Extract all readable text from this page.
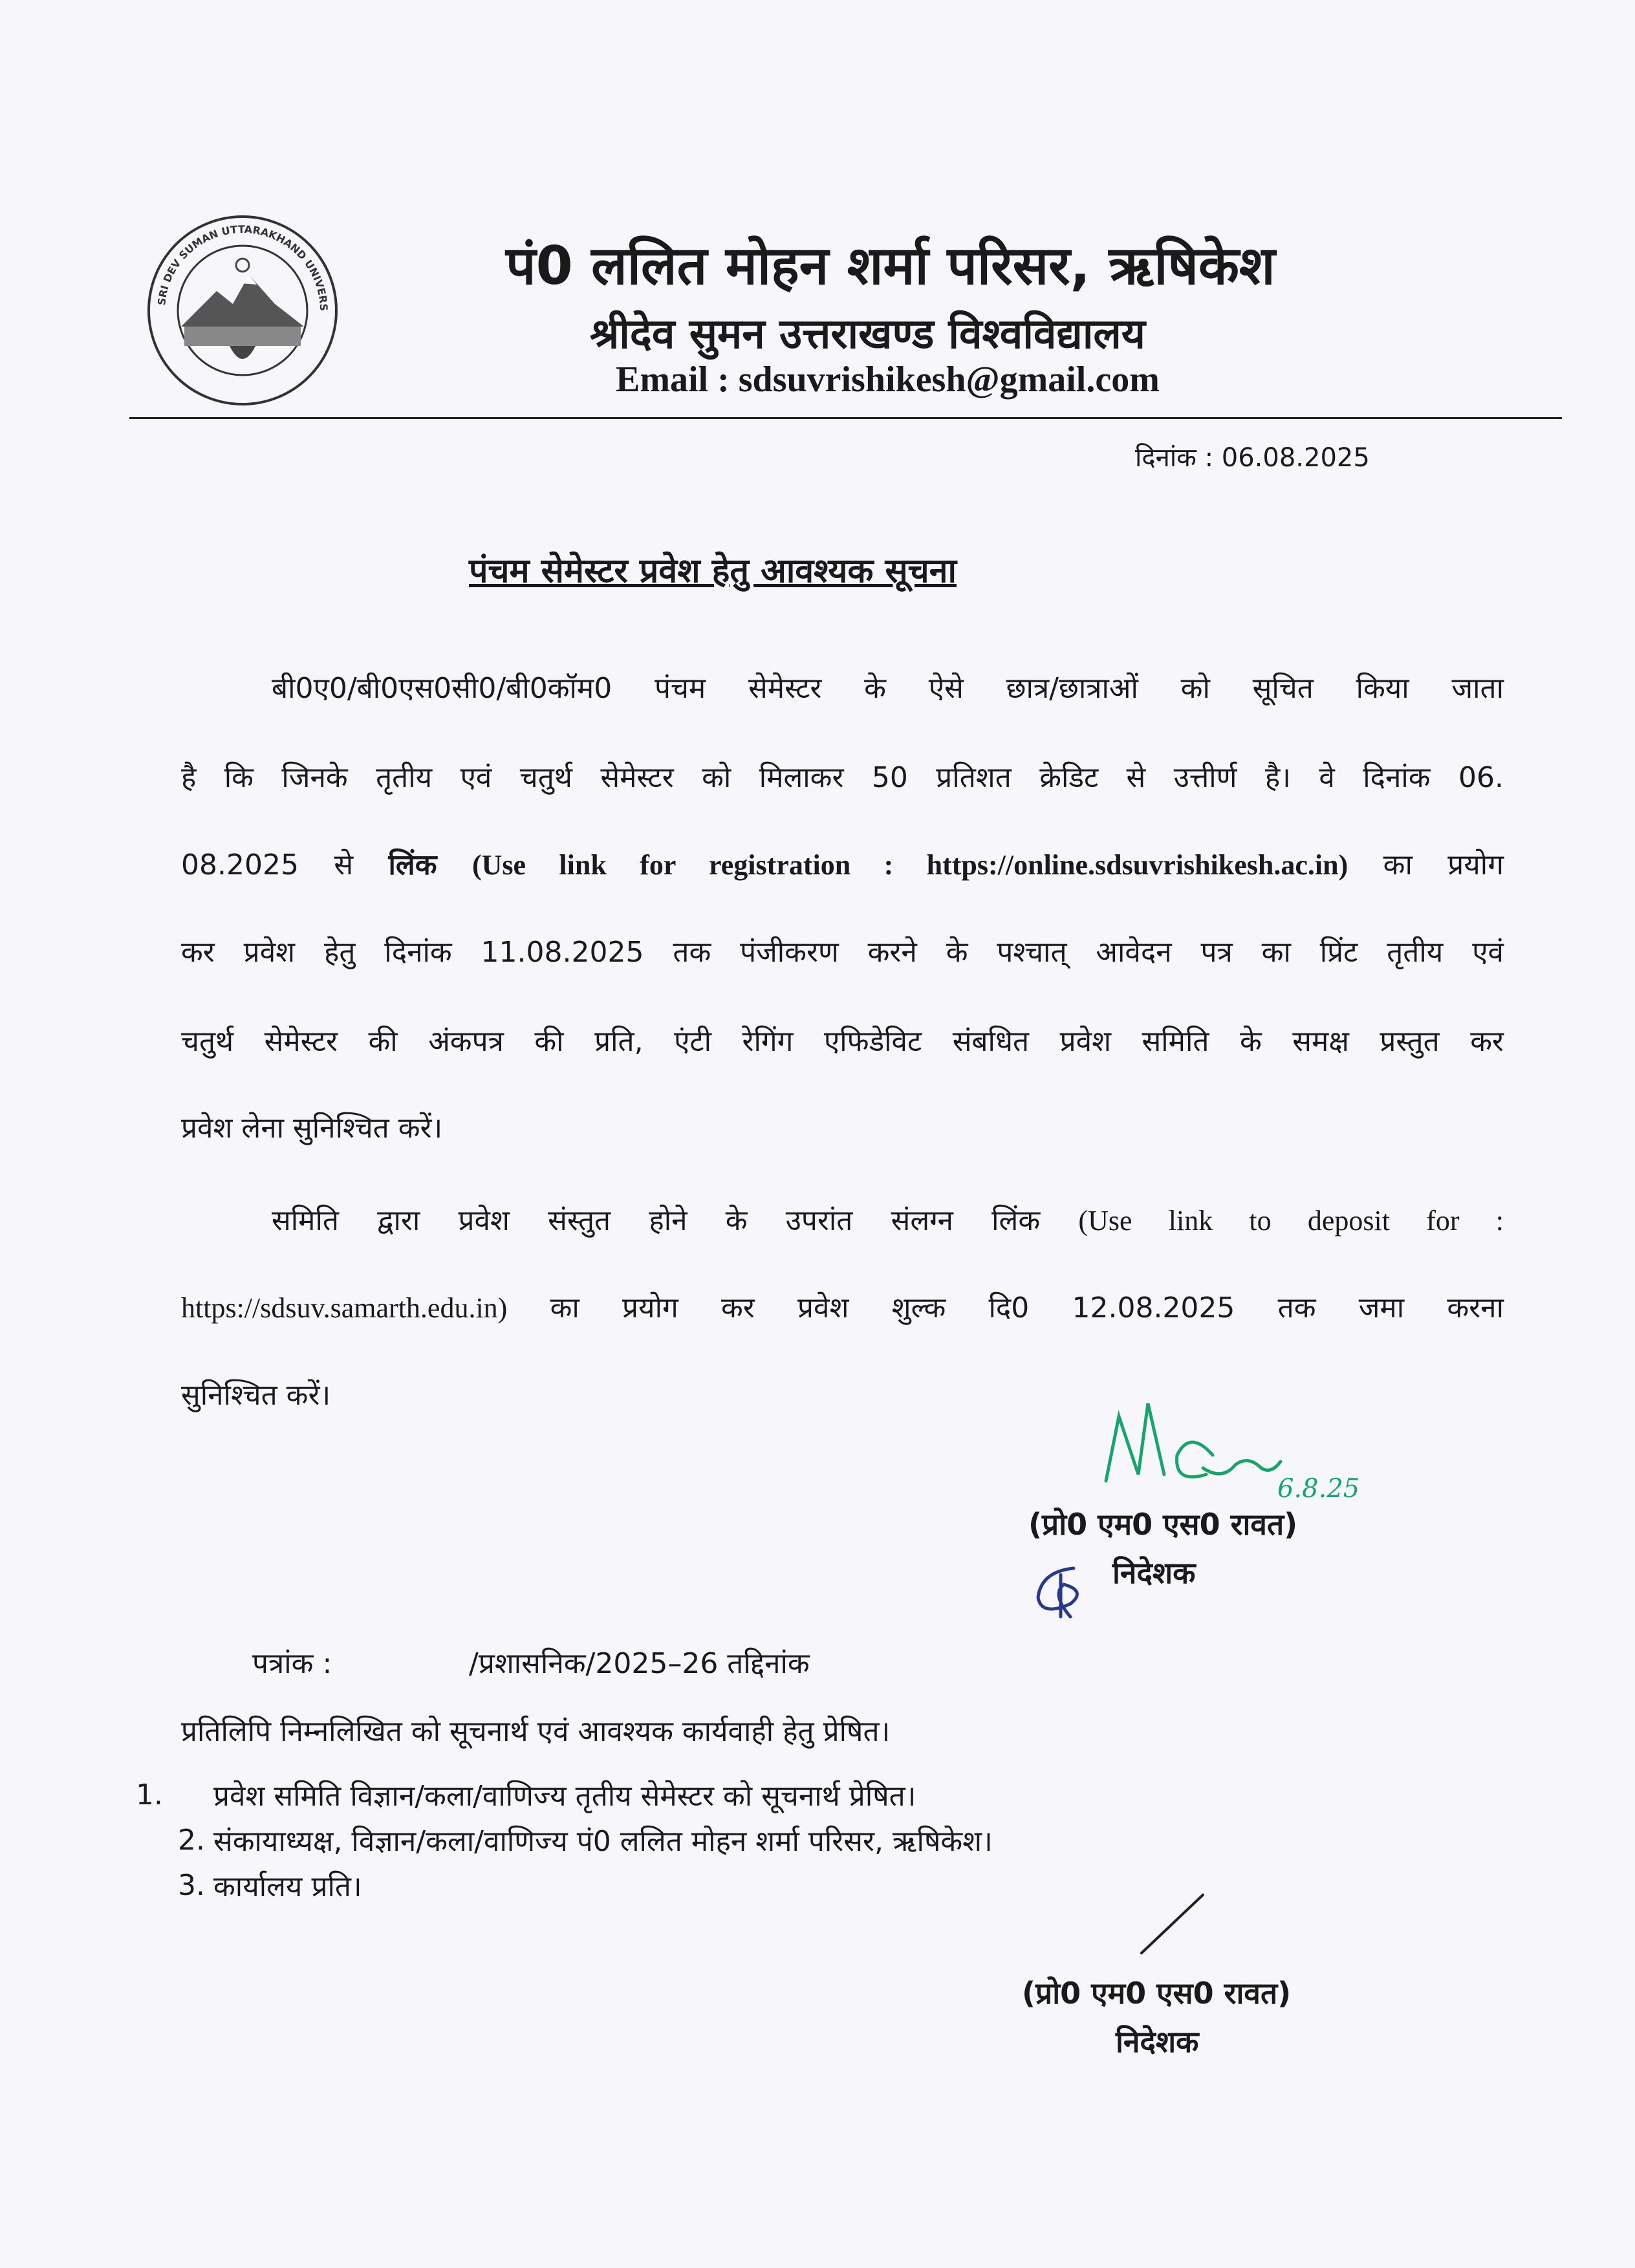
SRI DEV SUMAN UTTARAKHAND UNIVERS
पं0 ललित मोहन शर्मा परिसर, ऋषिकेश
श्रीदेव सुमन उत्तराखण्ड विश्वविद्यालय
Email : sdsuvrishikesh@gmail.com
दिनांक : 06.08.2025
पंचम सेमेस्टर प्रवेश हेतु आवश्यक सूचना
बी0ए0/बी0एस0सी0/बी0कॉम0 पंचम सेमेस्टर के ऐसे छात्र/छात्राओं को सूचित किया जाता
है कि जिनके तृतीय एवं चतुर्थ सेमेस्टर को मिलाकर 50 प्रतिशत क्रेडिट से उत्तीर्ण है। वे दिनांक 06.
08.2025 से लिंक (Use link for registration : https://online.sdsuvrishikesh.ac.in) का प्रयोग
कर प्रवेश हेतु दिनांक 11.08.2025 तक पंजीकरण करने के पश्चात् आवेदन पत्र का प्रिंट तृतीय एवं
चतुर्थ सेमेस्टर की अंकपत्र की प्रति, एंटी रेगिंग एफिडेविट संबधित प्रवेश समिति के समक्ष प्रस्तुत कर
प्रवेश लेना सुनिश्चित करें।
समिति द्वारा प्रवेश संस्तुत होने के उपरांत संलग्न लिंक (Use link to deposit for :
https://sdsuv.samarth.edu.in) का प्रयोग कर प्रवेश शुल्क दि0 12.08.2025 तक जमा करना
सुनिश्चित करें।
6.8.25
(प्रो0 एम0 एस0 रावत)
निदेशक
पत्रांक :	/प्रशासनिक/2025–26 तद्दिनांक
प्रतिलिपि निम्नलिखित को सूचनार्थ एवं आवश्यक कार्यवाही हेतु प्रेषित।
1. प्रवेश समिति विज्ञान/कला/वाणिज्य तृतीय सेमेस्टर को सूचनार्थ प्रेषित।
2. संकायाध्यक्ष, विज्ञान/कला/वाणिज्य पं0 ललित मोहन शर्मा परिसर, ऋषिकेश।
3. कार्यालय प्रति।
(प्रो0 एम0 एस0 रावत)
निदेशक
